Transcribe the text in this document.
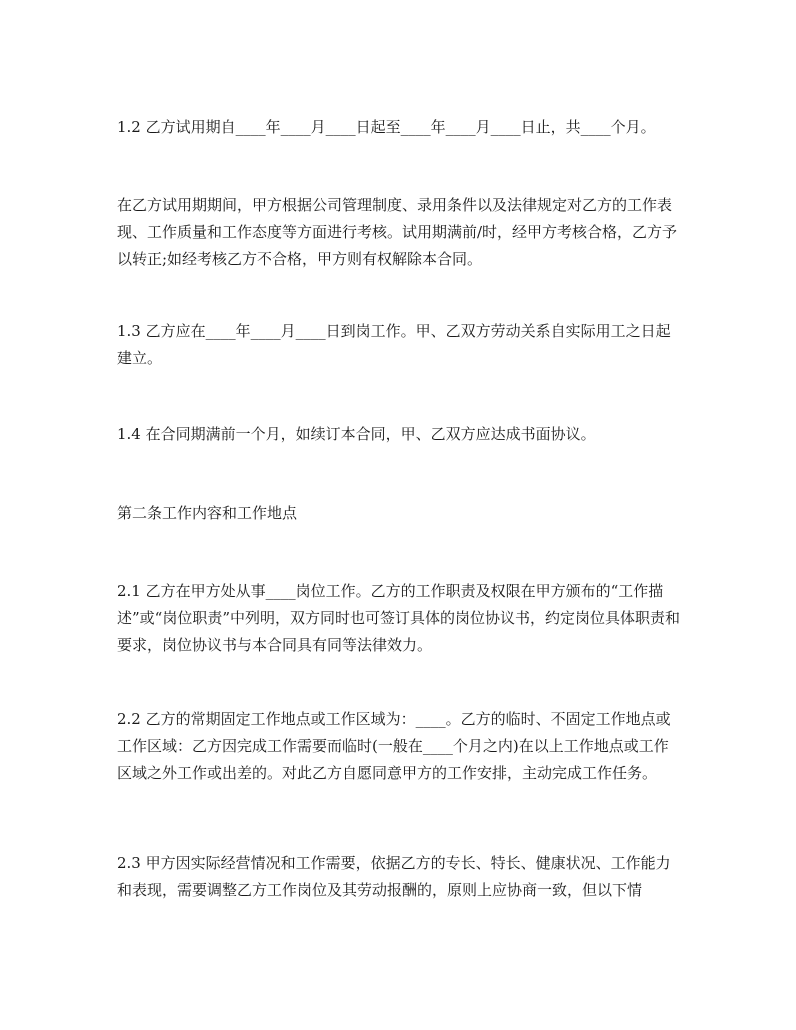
1.2 乙方试用期自____年____月____日起至____年____月____日止，共____个月。

在乙方试用期期间，甲方根据公司管理制度、录用条件以及法律规定对乙方的工作表现、工作质量和工作态度等方面进行考核。试用期满前/时，经甲方考核合格，乙方予以转正;如经考核乙方不合格，甲方则有权解除本合同。

1.3 乙方应在____年____月____日到岗工作。甲、乙双方劳动关系自实际用工之日起建立。

1.4 在合同期满前一个月，如续订本合同，甲、乙双方应达成书面协议。

第二条工作内容和工作地点

2.1 乙方在甲方处从事____岗位工作。乙方的工作职责及权限在甲方颁布的“工作描述”或“岗位职责”中列明，双方同时也可签订具体的岗位协议书，约定岗位具体职责和要求，岗位协议书与本合同具有同等法律效力。

2.2 乙方的常期固定工作地点或工作区域为：____。乙方的临时、不固定工作地点或工作区域：乙方因完成工作需要而临时(一般在____个月之内)在以上工作地点或工作区域之外工作或出差的。对此乙方自愿同意甲方的工作安排，主动完成工作任务。

2.3 甲方因实际经营情况和工作需要，依据乙方的专长、特长、健康状况、工作能力和表现，需要调整乙方工作岗位及其劳动报酬的，原则上应协商一致，但以下情
